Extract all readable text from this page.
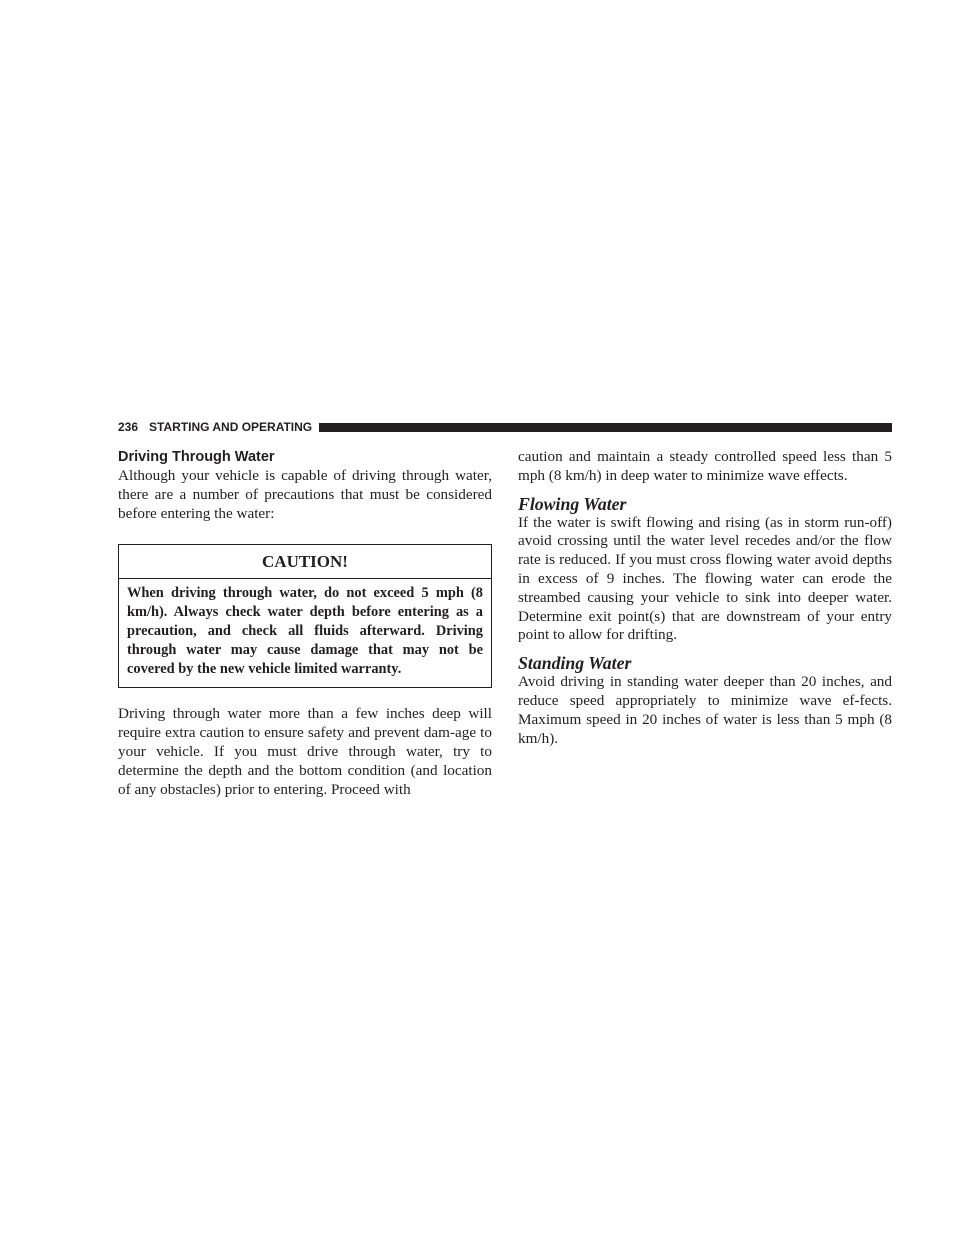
236 STARTING AND OPERATING
Driving Through Water

Although your vehicle is capable of driving through water, there are a number of precautions that must be considered before entering the water:

CAUTION!
When driving through water, do not exceed 5 mph (8 km/h). Always check water depth before entering as a precaution, and check all fluids afterward. Driving through water may cause damage that may not be covered by the new vehicle limited warranty.

Driving through water more than a few inches deep will require extra caution to ensure safety and prevent dam-age to your vehicle. If you must drive through water, try to determine the depth and the bottom condition (and location of any obstacles) prior to entering. Proceed with

caution and maintain a steady controlled speed less than 5 mph (8 km/h) in deep water to minimize wave effects.

Flowing Water

If the water is swift flowing and rising (as in storm run-off) avoid crossing until the water level recedes and/or the flow rate is reduced. If you must cross flowing water avoid depths in excess of 9 inches. The flowing water can erode the streambed causing your vehicle to sink into deeper water. Determine exit point(s) that are downstream of your entry point to allow for drifting.

Standing Water

Avoid driving in standing water deeper than 20 inches, and reduce speed appropriately to minimize wave ef-fects. Maximum speed in 20 inches of water is less than 5 mph (8 km/h).
